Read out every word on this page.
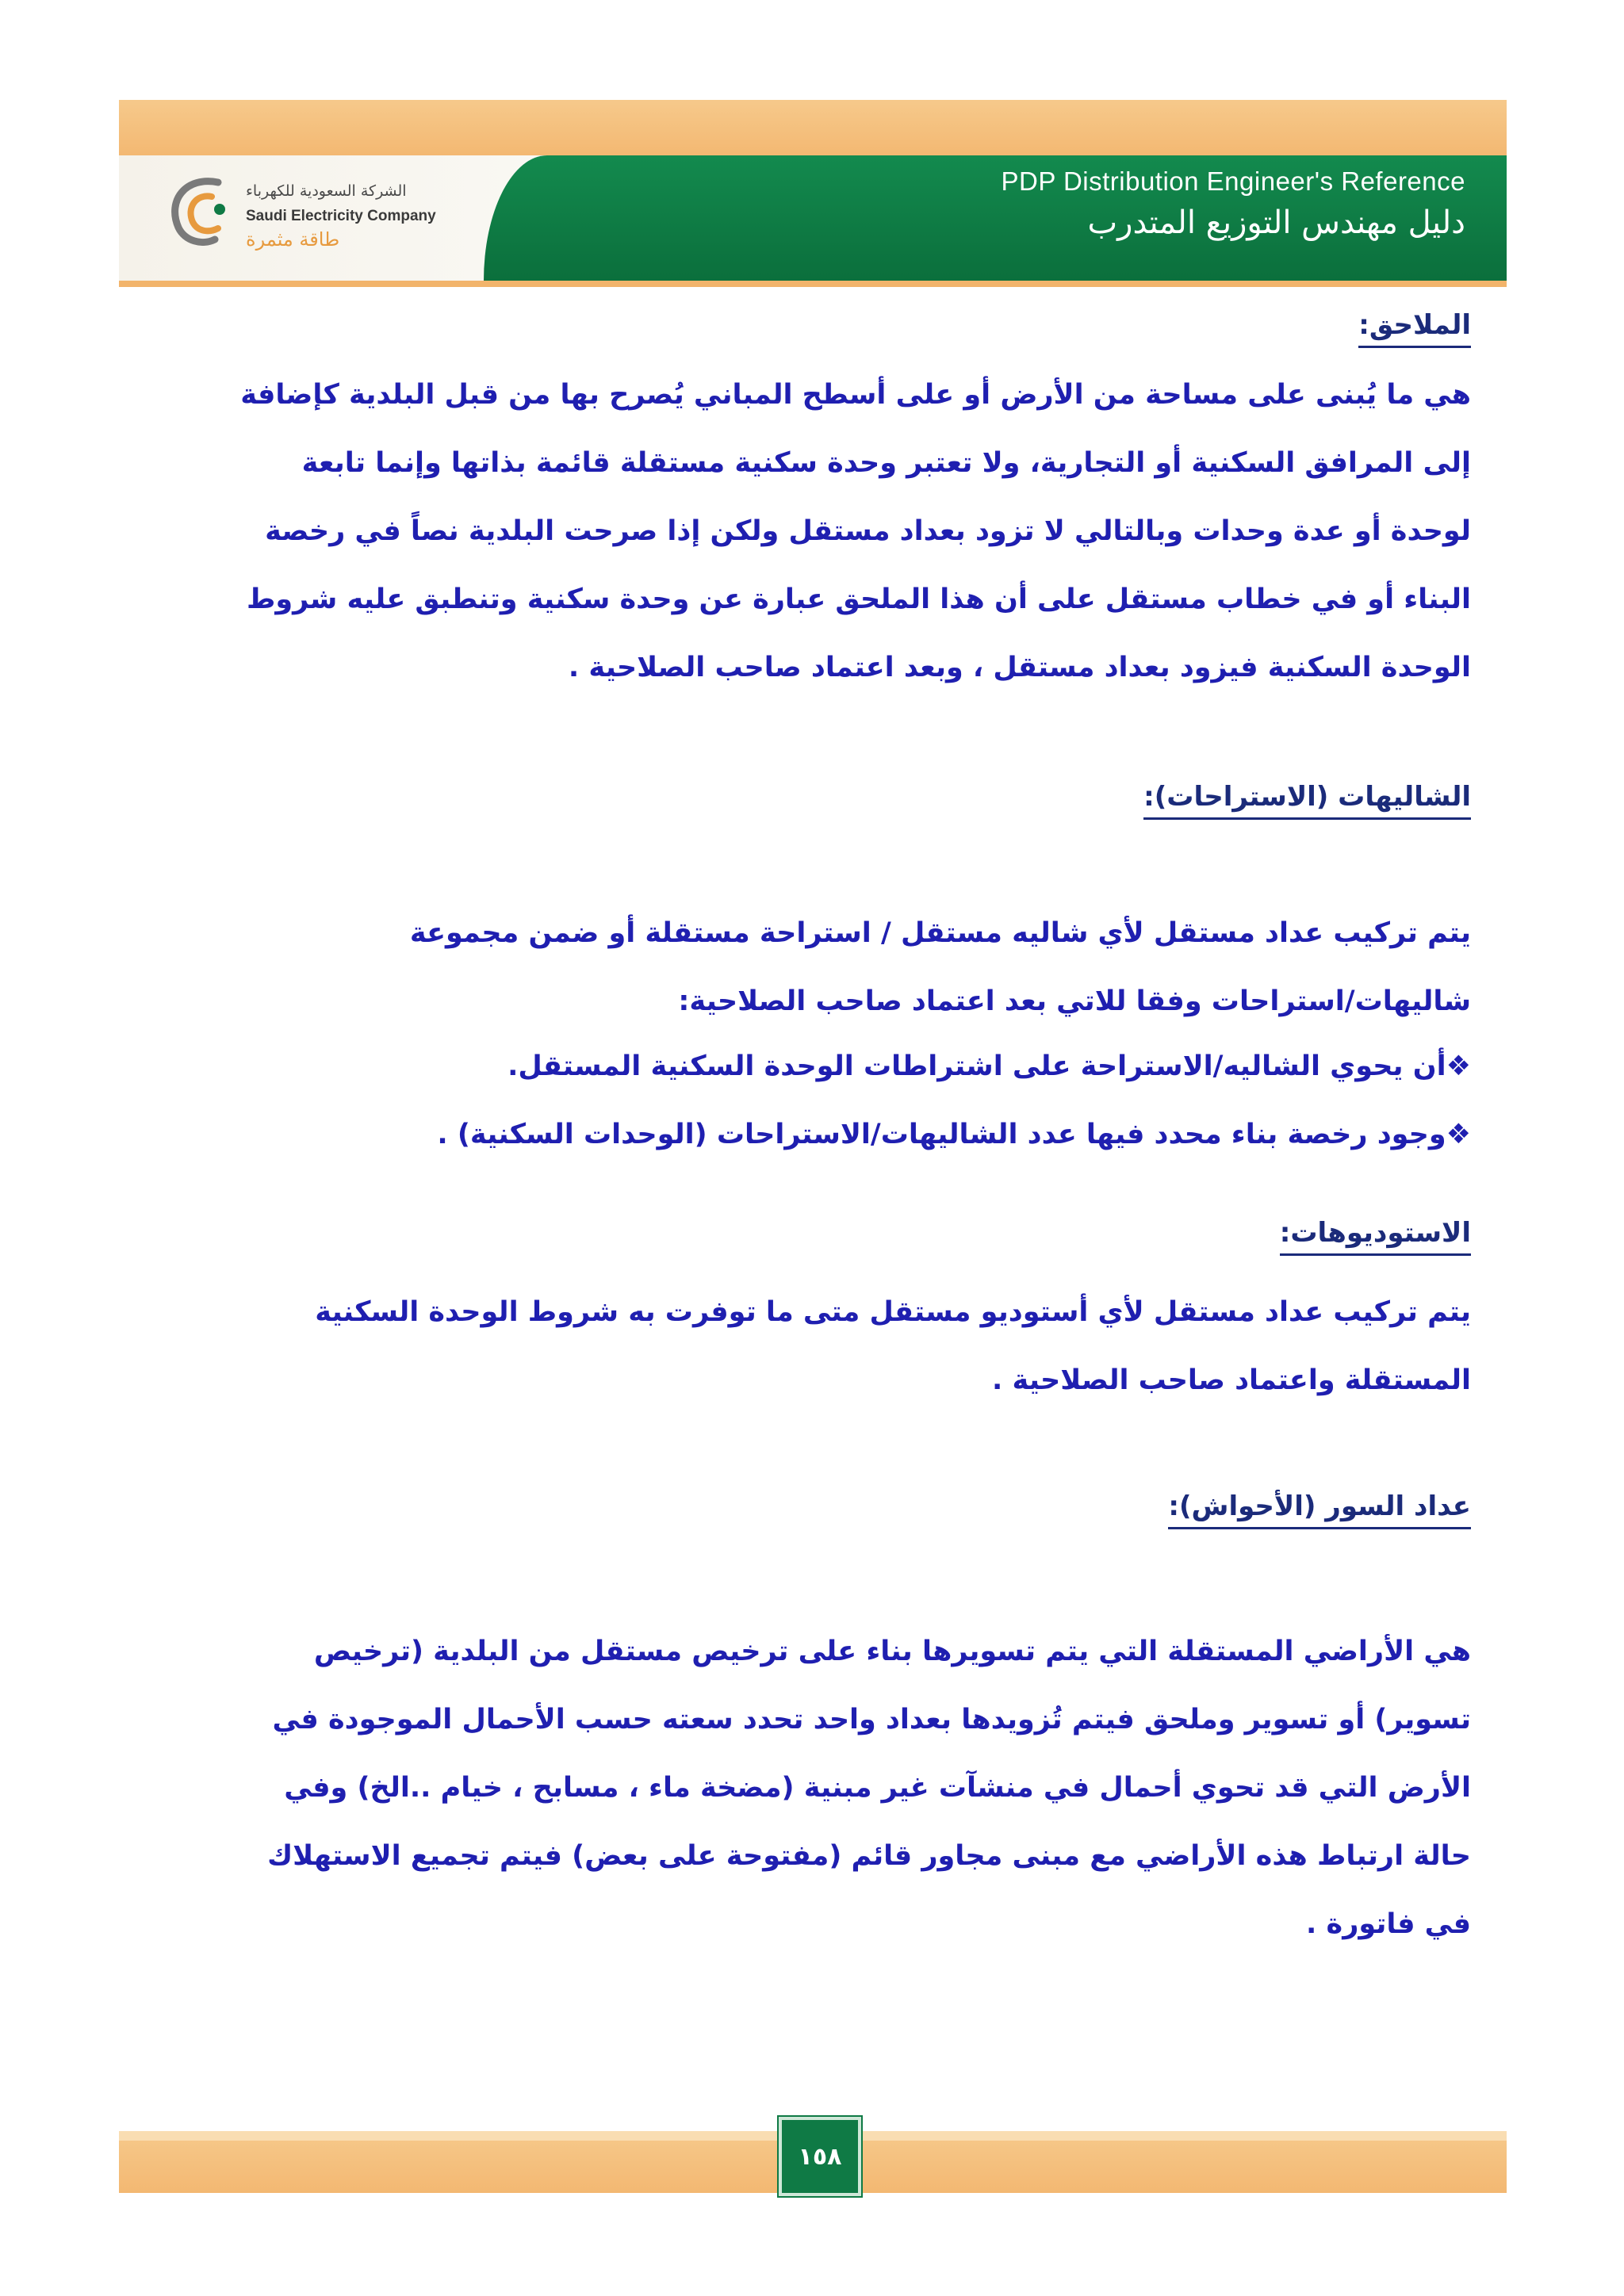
PDP Distribution Engineer's Reference
دليل مهندس التوزيع المتدرب
الشركة السعودية للكهرباء
Saudi Electricity Company
طاقة مثمرة
الملاحق:
هي ما يُبنى على مساحة من الأرض أو على أسطح المباني يُصرح بها من قبل البلدية كإضافة
إلى المرافق السكنية أو التجارية، ولا تعتبر وحدة سكنية مستقلة قائمة بذاتها وإنما تابعة
لوحدة أو عدة وحدات وبالتالي لا تزود بعداد مستقل ولكن إذا صرحت البلدية نصاً في رخصة
البناء أو في خطاب مستقل على أن هذا الملحق عبارة عن وحدة سكنية وتنطبق عليه شروط
الوحدة السكنية فيزود بعداد مستقل ، وبعد اعتماد صاحب الصلاحية .
الشاليهات (الاستراحات):
يتم تركيب عداد مستقل لأي شاليه مستقل / استراحة مستقلة أو ضمن مجموعة
شاليهات/استراحات وفقا للاتي بعد اعتماد صاحب الصلاحية:
❖أن يحوي الشاليه/الاستراحة على اشتراطات الوحدة السكنية المستقل.
❖وجود رخصة بناء محدد فيها عدد الشاليهات/الاستراحات (الوحدات السكنية) .
الاستوديوهات:
يتم تركيب عداد مستقل لأي أستوديو مستقل متى ما توفرت به شروط الوحدة السكنية
المستقلة واعتماد صاحب الصلاحية .
عداد السور (الأحواش):
هي الأراضي المستقلة التي يتم تسويرها بناء على ترخيص مستقل من البلدية (ترخيص
تسوير) أو تسوير وملحق فيتم تُزويدها بعداد واحد تحدد سعته حسب الأحمال الموجودة في
الأرض التي قد تحوي أحمال في منشآت غير مبنية (مضخة ماء ، مسابح ، خيام ..الخ) وفي
حالة ارتباط هذه الأراضي مع مبنى مجاور قائم (مفتوحة على بعض) فيتم تجميع الاستهلاك
في فاتورة .
١٥٨
